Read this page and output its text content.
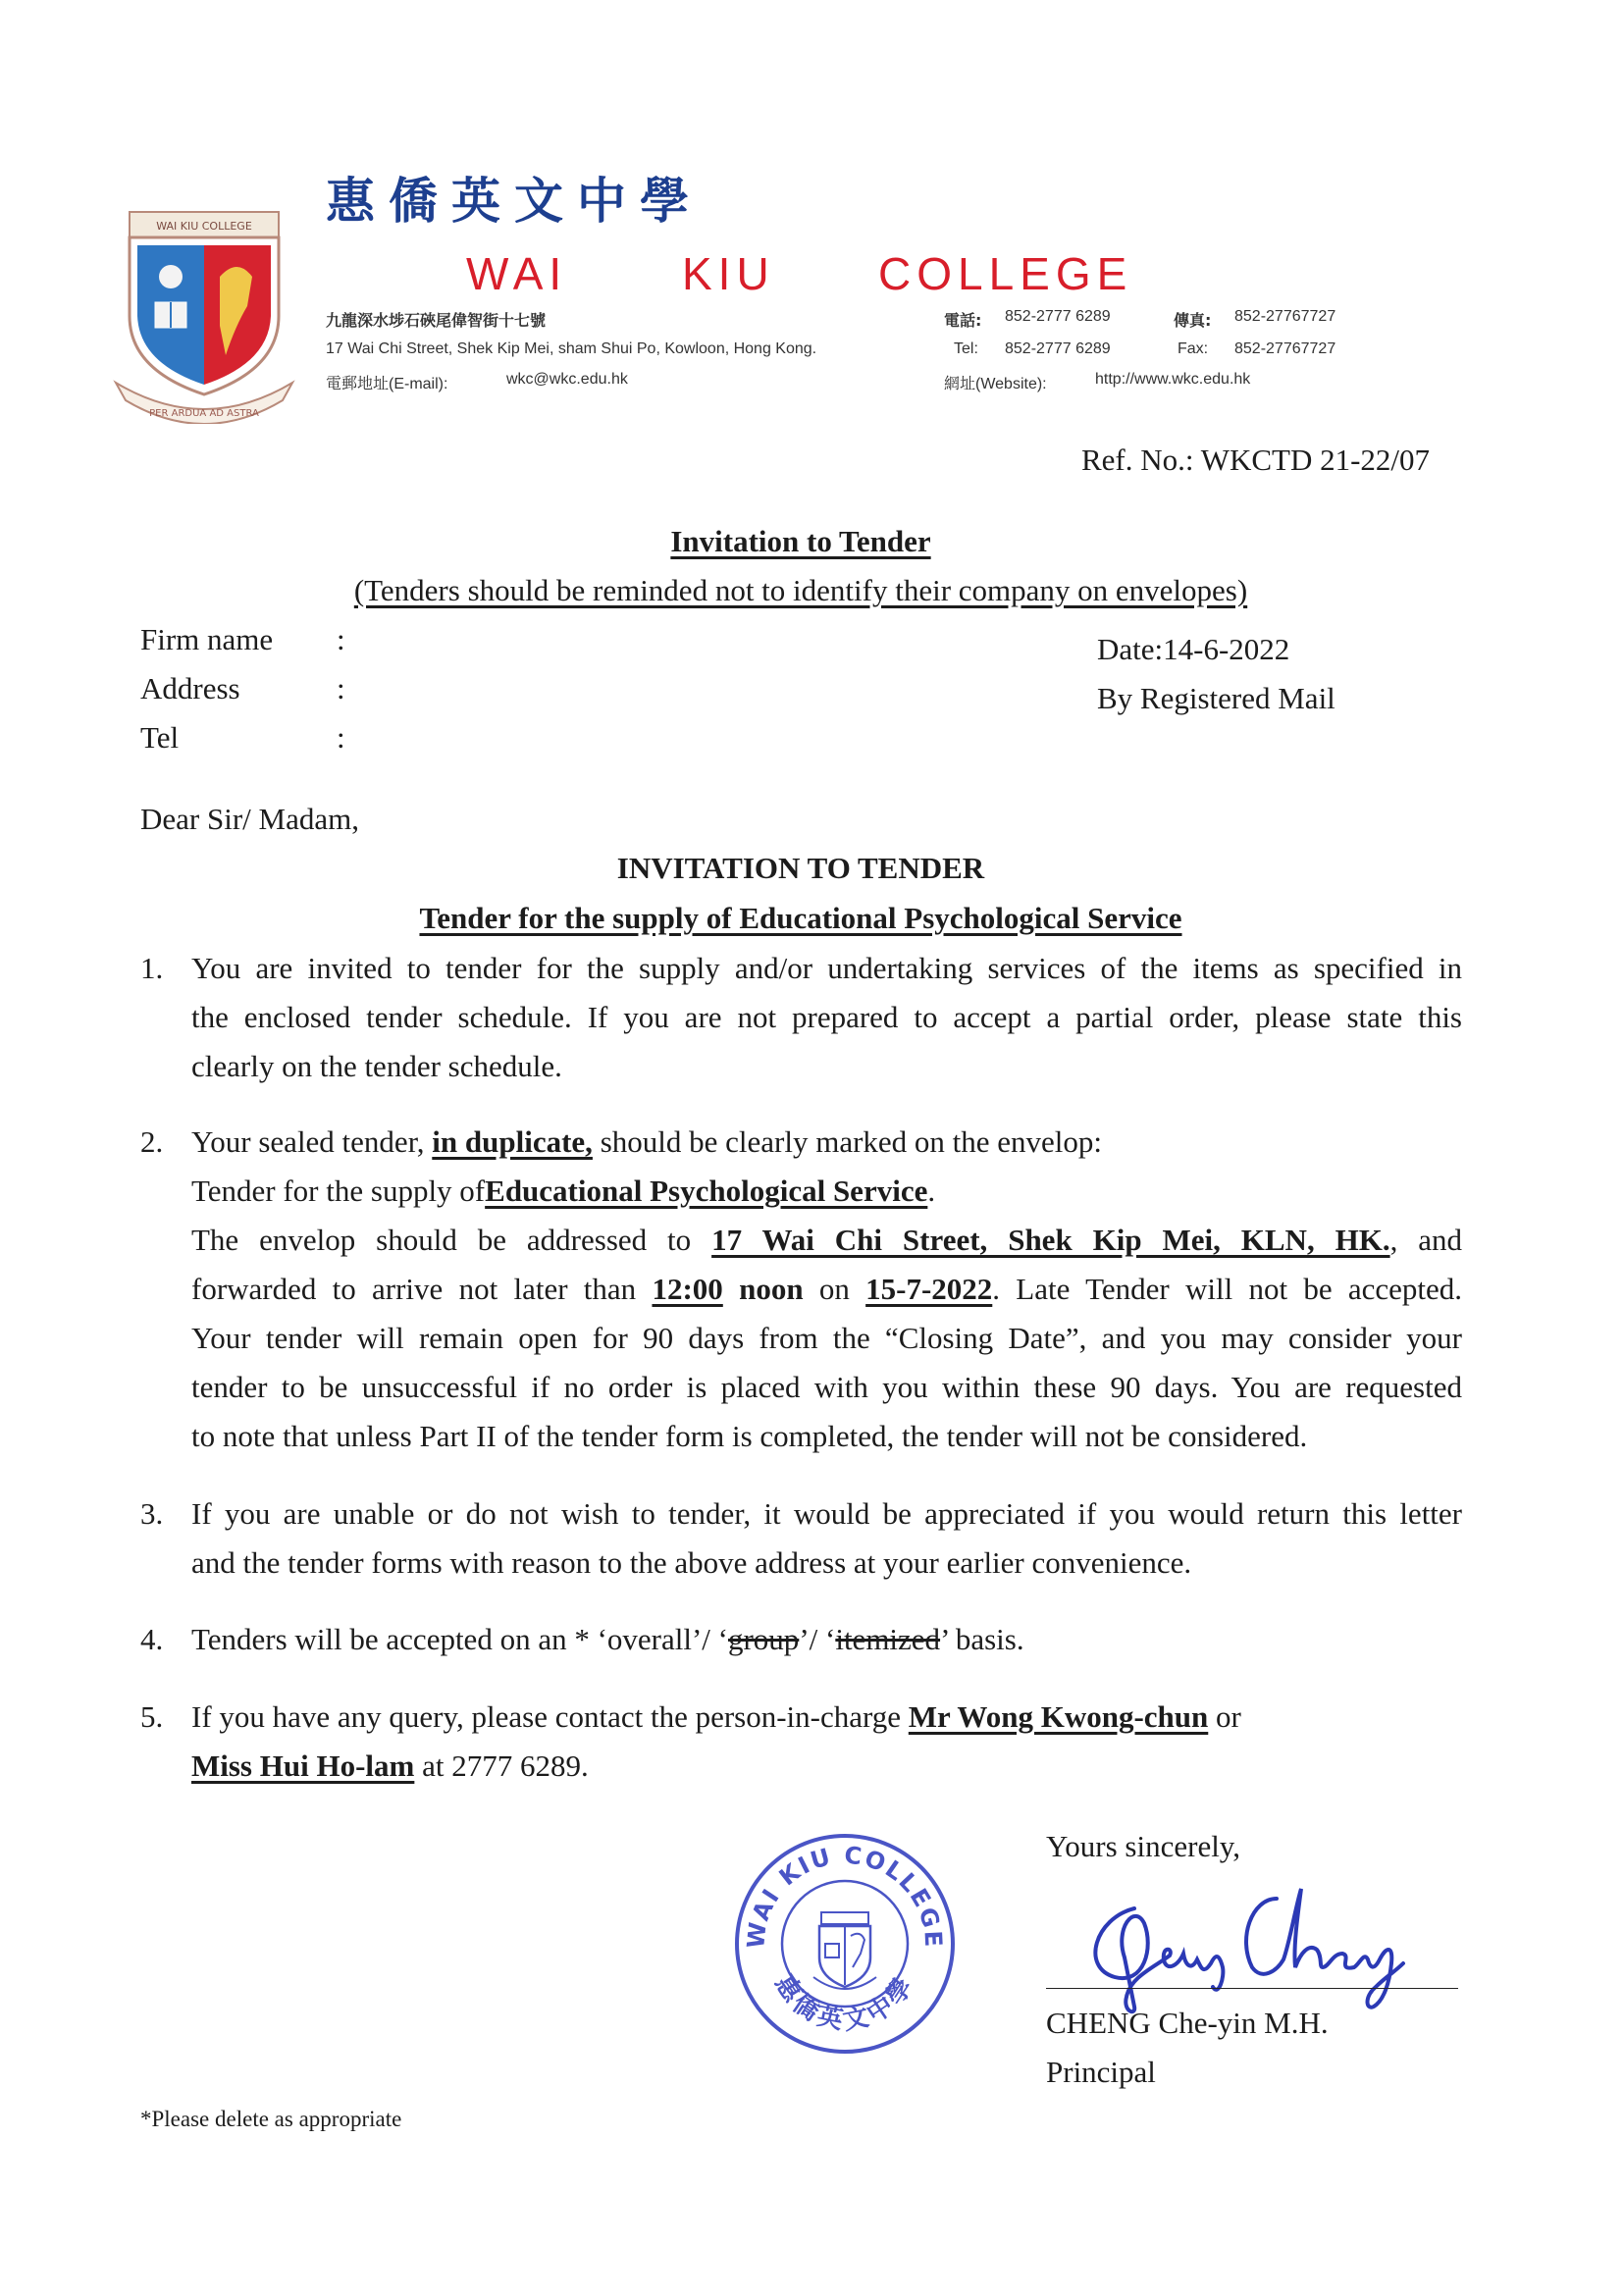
WAI KIU COLLEGE
PER ARDUA AD ASTRA
惠僑英文中學
WAI	KIU COLLEGE
九龍深水埗石硤尾偉智街十七號
17 Wai Chi Street, Shek Kip Mei, sham Shui Po, Kowloon, Hong Kong.
電郵地址(E-mail):	wkc@wkc.edu.hk
電話: 852-2777 6289	傳真: 852-27767727
Tel: 852-2777 6289	Fax: 852-27767727
網址(Website):	http://www.wkc.edu.hk
Ref. No.: WKCTD 21-22/07
Invitation to Tender
(Tenders should be reminded not to identify their company on envelopes)
Firm name :
Address	:
Tel	:
Date:14-6-2022
By Registered Mail
Dear Sir/ Madam,
INVITATION TO TENDER
Tender for the supply of Educational Psychological Service
1. You are invited to tender for the supply and/or undertaking services of the items as specified in
the enclosed tender schedule. If you are not prepared to accept a partial order, please state this
clearly on the tender schedule.
2. Your sealed tender, in duplicate, should be clearly marked on the envelop:
Tender for the supply ofEducational Psychological Service.
The envelop should be addressed to 17 Wai Chi Street, Shek Kip Mei, KLN, HK., and
forwarded to arrive not later than 12:00 noon on 15-7-2022. Late Tender will not be accepted.
Your tender will remain open for 90 days from the “Closing Date”, and you may consider your
tender to be unsuccessful if no order is placed with you within these 90 days. You are requested
to note that unless Part II of the tender form is completed, the tender will not be considered.
3. If you are unable or do not wish to tender, it would be appreciated if you would return this letter
and the tender forms with reason to the above address at your earlier convenience.
4. Tenders will be accepted on an * ‘overall’/ ‘group’/ ‘itemized’ basis.
5. If you have any query, please contact the person-in-charge Mr Wong Kwong-chun or
Miss Hui Ho-lam at 2777 6289.
WAI KIU COLLEGE
惠僑英文中學
Yours sincerely,
CHENG Che-yin M.H.
Principal
*Please delete as appropriate
